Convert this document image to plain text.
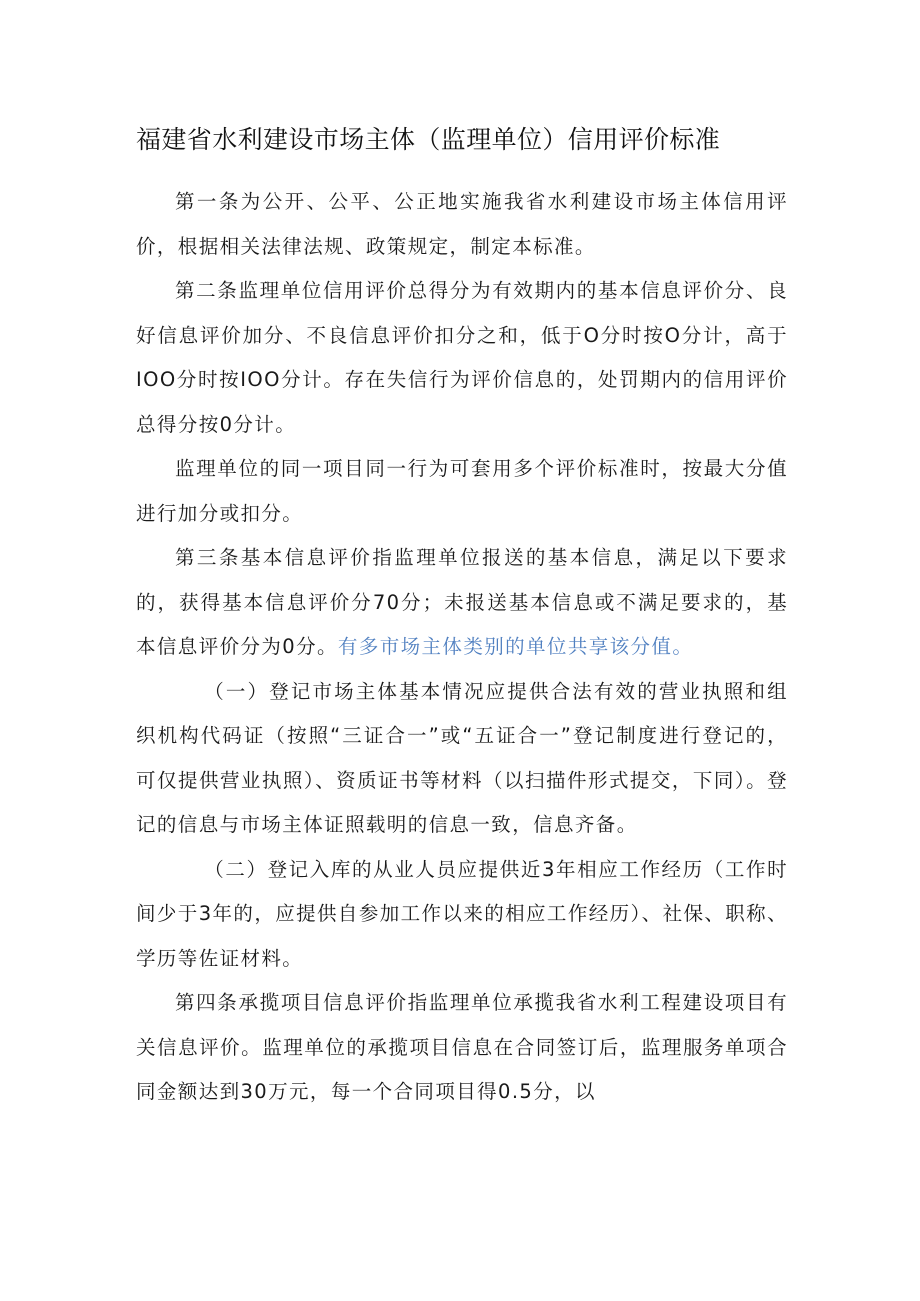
福建省水利建设市场主体（监理单位）信用评价标准

第一条为公开、公平、公正地实施我省水利建设市场主体信用评价，根据相关法律法规、政策规定，制定本标准。

第二条监理单位信用评价总得分为有效期内的基本信息评价分、良好信息评价加分、不良信息评价扣分之和，低于O分时按O分计，高于IOO分时按IOO分计。存在失信行为评价信息的，处罚期内的信用评价总得分按0分计。

监理单位的同一项目同一行为可套用多个评价标准时，按最大分值进行加分或扣分。

第三条基本信息评价指监理单位报送的基本信息，满足以下要求的，获得基本信息评价分70分；未报送基本信息或不满足要求的，基本信息评价分为0分。有多市场主体类别的单位共享该分值。

（一）登记市场主体基本情况应提供合法有效的营业执照和组织机构代码证（按照“三证合一”或“五证合一”登记制度进行登记的，可仅提供营业执照）、资质证书等材料（以扫描件形式提交，下同）。登记的信息与市场主体证照载明的信息一致，信息齐备。

（二）登记入库的从业人员应提供近3年相应工作经历（工作时间少于3年的，应提供自参加工作以来的相应工作经历）、社保、职称、学历等佐证材料。

第四条承揽项目信息评价指监理单位承揽我省水利工程建设项目有关信息评价。监理单位的承揽项目信息在合同签订后，监理服务单项合同金额达到30万元，每一个合同项目得0.5分，以
